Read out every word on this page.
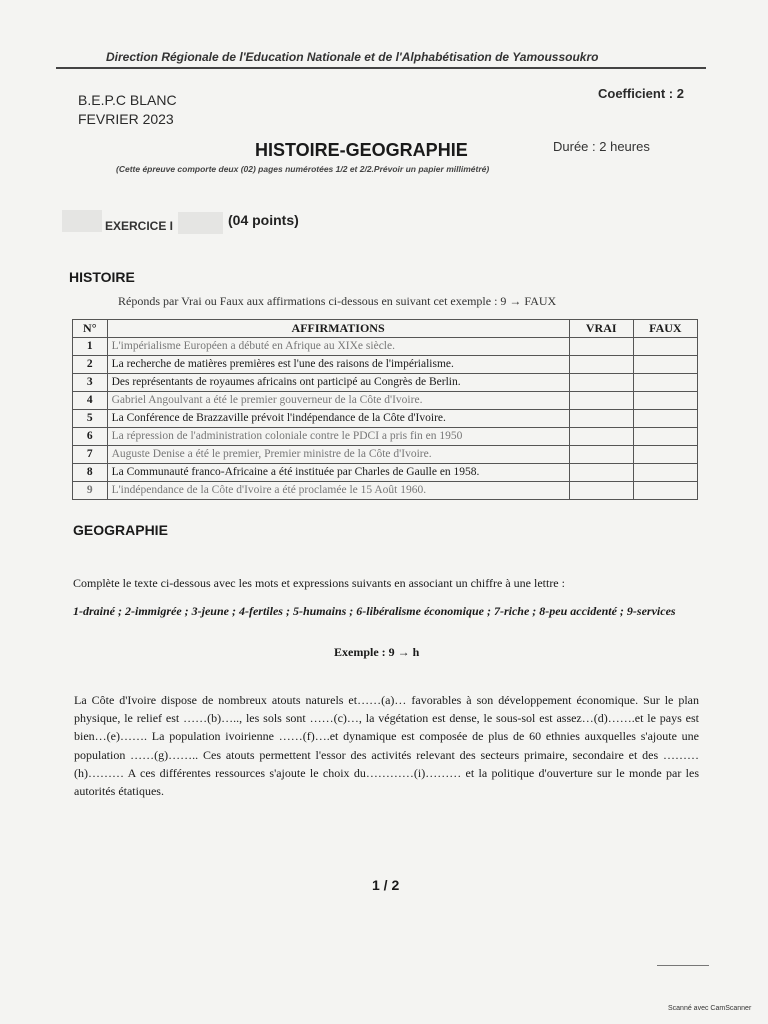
Direction Régionale de l'Education Nationale et de l'Alphabétisation de Yamoussoukro
B.E.P.C BLANC
FEVRIER 2023
Coefficient : 2
HISTOIRE-GEOGRAPHIE	Durée : 2 heures
(Cette épreuve comporte deux (02) pages numérotées 1/2 et 2/2.Prévoir un papier millimétré)
EXERCICE I	(04 points)
HISTOIRE
Réponds par Vrai ou Faux aux affirmations ci-dessous en suivant cet exemple : 9 → FAUX
N°	AFFIRMATIONS	VRAI	FAUX
1	L'impérialisme Européen a débuté en Afrique au XIXe siècle.		
2	La recherche de matières premières est l'une des raisons de l'impérialisme.		
3	Des représentants de royaumes africains ont participé au Congrès de Berlin.		
4	Gabriel Angoulvant a été le premier gouverneur de la Côte d'Ivoire.		
5	La Conférence de Brazzaville prévoit l'indépendance de la Côte d'Ivoire.		
6	La répression de l'administration coloniale contre le PDCI a pris fin en 1950		
7	Auguste Denise a été le premier, Premier ministre de la Côte d'Ivoire.		
8	La Communauté franco-Africaine a été instituée par Charles de Gaulle en 1958.		
9	L'indépendance de la Côte d'Ivoire a été proclamée le 15 Août 1960.		
GEOGRAPHIE
Complète le texte ci-dessous avec les mots et expressions suivants en associant un chiffre à une lettre :
1-drainé ; 2-immigrée ; 3-jeune ; 4-fertiles ; 5-humains ; 6-libéralisme économique ; 7-riche ; 8-peu accidenté ; 9-services
Exemple : 9 → h
La Côte d'Ivoire dispose de nombreux atouts naturels et……(a)… favorables à son développement économique. Sur le plan physique, le relief est ……(b)….., les sols sont ……(c)…, la végétation est dense, le sous-sol est assez…(d)…….et le pays est bien…(e)……. La population ivoirienne ……(f)….et dynamique est composée de plus de 60 ethnies auxquelles s'ajoute une population ……(g)…….. Ces atouts permettent l'essor des activités relevant des secteurs primaire, secondaire et des ………(h)……… A ces différentes ressources s'ajoute le choix du…………(i)……… et la politique d'ouverture sur le monde par les autorités étatiques.
1 / 2
Scanné avec CamScanner
